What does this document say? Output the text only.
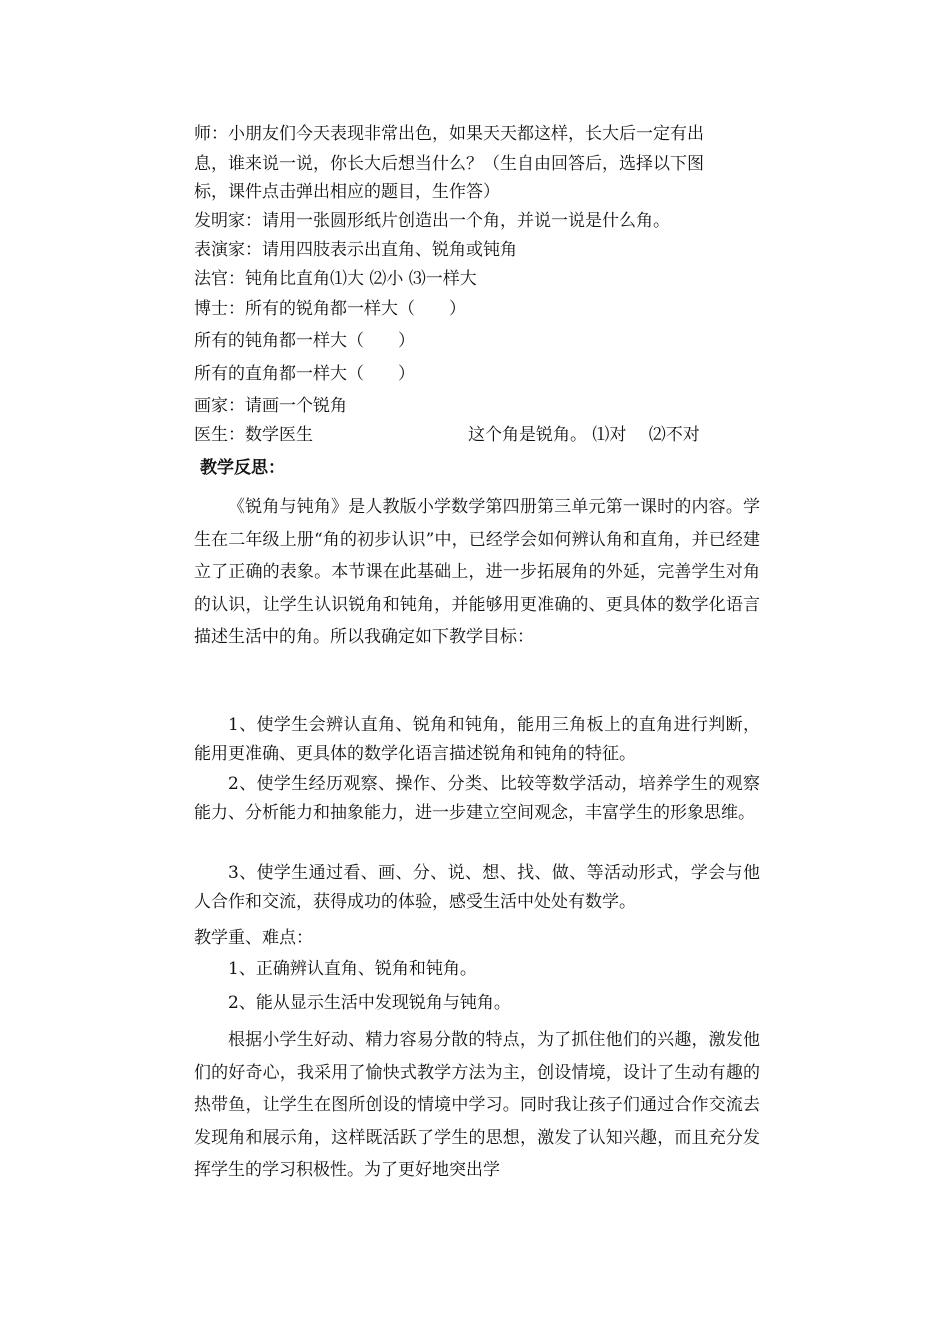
师：小朋友们今天表现非常出色，如果天天都这样，长大后一定有出
息，谁来说一说，你长大后想当什么？（生自由回答后，选择以下图
标，课件点击弹出相应的题目，生作答）
发明家：请用一张圆形纸片创造出一个角，并说一说是什么角。
表演家：请用四肢表示出直角、锐角或钝角
法官：钝角比直角⑴大 ⑵小 ⑶一样大
博士：所有的锐角都一样大（　　）
所有的钝角都一样大（　　）
所有的直角都一样大（　　）
画家：请画一个锐角
医生：数学医生	这个角是锐角。 ⑴对　 ⑵不对
教学反思：
《锐角与钝角》是人教版小学数学第四册第三单元第一课时的内容。学生在二年级上册“角的初步认识”中，已经学会如何辨认角和直角，并已经建立了正确的表象。本节课在此基础上，进一步拓展角的外延，完善学生对角的认识，让学生认识锐角和钝角，并能够用更准确的、更具体的数学化语言描述生活中的角。所以我确定如下教学目标：
1、使学生会辨认直角、锐角和钝角，能用三角板上的直角进行判断，能用更准确、更具体的数学化语言描述锐角和钝角的特征。
2、使学生经历观察、操作、分类、比较等数学活动，培养学生的观察能力、分析能力和抽象能力，进一步建立空间观念，丰富学生的形象思维。
3、使学生通过看、画、分、说、想、找、做、等活动形式，学会与他人合作和交流，获得成功的体验，感受生活中处处有数学。
教学重、难点：
1、正确辨认直角、锐角和钝角。
2、能从显示生活中发现锐角与钝角。
根据小学生好动、精力容易分散的特点，为了抓住他们的兴趣，激发他们的好奇心，我采用了愉快式教学方法为主，创设情境，设计了生动有趣的热带鱼，让学生在图所创设的情境中学习。同时我让孩子们通过合作交流去发现角和展示角，这样既活跃了学生的思想，激发了认知兴趣，而且充分发挥学生的学习积极性。为了更好地突出学
